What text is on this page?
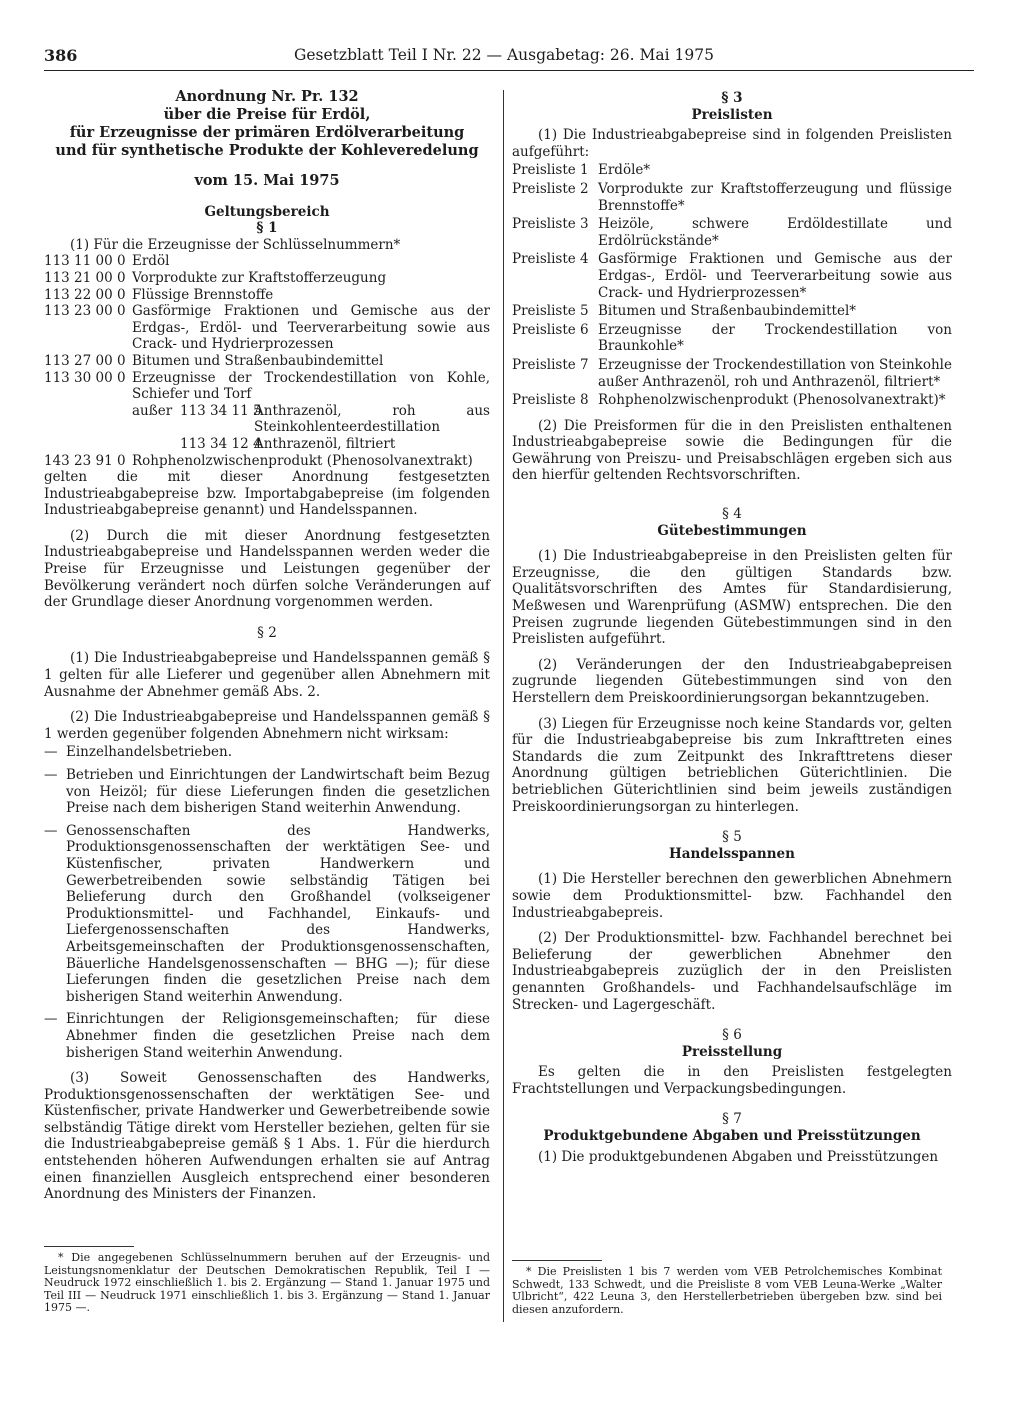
386	Gesetzblatt Teil I Nr. 22 — Ausgabetag: 26. Mai 1975
Anordnung Nr. Pr. 132
über die Preise für Erdöl,
für Erzeugnisse der primären Erdölverarbeitung
und für synthetische Produkte der Kohleveredelung
vom 15. Mai 1975
Geltungsbereich
§ 1

(1) Für die Erzeugnisse der Schlüsselnummern*

113 11 00 0 Erdöl
113 21 00 0 Vorprodukte zur Kraftstofferzeugung
113 22 00 0 Flüssige Brennstoffe
113 23 00 0 Gasförmige Fraktionen und Gemische aus der Erdgas-, Erdöl- und Teerverarbeitung sowie aus Crack- und Hydrierprozessen
113 27 00 0 Bitumen und Straßenbaubindemittel
113 30 00 0 Erzeugnisse der Trockendestillation von Kohle, Schiefer und Torf
außer 113 34 11 5
Anthrazenöl, roh aus Steinkohlenteerdestillation
113 34 12 4
Anthrazenöl, filtriert
143 23 91 0 Rohphenolzwischenprodukt (Phenosolvanextrakt)

gelten die mit dieser Anordnung festgesetzten Industrieabgabepreise bzw. Importabgabepreise (im folgenden Industrieabgabepreise genannt) und Handelsspannen.

(2) Durch die mit dieser Anordnung festgesetzten Industrieabgabepreise und Handelsspannen werden weder die Preise für Erzeugnisse und Leistungen gegenüber der Bevölkerung verändert noch dürfen solche Veränderungen auf der Grundlage dieser Anordnung vorgenommen werden.

§ 2

(1) Die Industrieabgabepreise und Handelsspannen gemäß § 1 gelten für alle Lieferer und gegenüber allen Abnehmern mit Ausnahme der Abnehmer gemäß Abs. 2.

(2) Die Industrieabgabepreise und Handelsspannen gemäß § 1 werden gegenüber folgenden Abnehmern nicht wirksam:

— Einzelhandelsbetrieben.
— Betrieben und Einrichtungen der Landwirtschaft beim Bezug von Heizöl; für diese Lieferungen finden die gesetzlichen Preise nach dem bisherigen Stand weiterhin Anwendung.
— Genossenschaften des Handwerks, Produktionsgenossenschaften der werktätigen See- und Küstenfischer, privaten Handwerkern und Gewerbetreibenden sowie selbständig Tätigen bei Belieferung durch den Großhandel (volkseigener Produktionsmittel- und Fachhandel, Einkaufs- und Liefergenossenschaften des Handwerks, Arbeitsgemeinschaften der Produktionsgenossenschaften, Bäuerliche Handelsgenossenschaften — BHG —); für diese Lieferungen finden die gesetzlichen Preise nach dem bisherigen Stand weiterhin Anwendung.
— Einrichtungen der Religionsgemeinschaften; für diese Abnehmer finden die gesetzlichen Preise nach dem bisherigen Stand weiterhin Anwendung.

(3) Soweit Genossenschaften des Handwerks, Produktionsgenossenschaften der werktätigen See- und Küstenfischer, private Handwerker und Gewerbetreibende sowie selbständig Tätige direkt vom Hersteller beziehen, gelten für sie die Industrieabgabepreise gemäß § 1 Abs. 1. Für die hierdurch entstehenden höheren Aufwendungen erhalten sie auf Antrag einen finanziellen Ausgleich entsprechend einer besonderen Anordnung des Ministers der Finanzen.

* Die angegebenen Schlüsselnummern beruhen auf der Erzeugnis- und Leistungsnomenklatur der Deutschen Demokratischen Republik, Teil I — Neudruck 1972 einschließlich 1. bis 2. Ergänzung — Stand 1. Januar 1975 und Teil III — Neudruck 1971 einschließlich 1. bis 3. Ergänzung — Stand 1. Januar 1975 —.

§ 3
Preislisten

(1) Die Industrieabgabepreise sind in folgenden Preislisten aufgeführt:

Preisliste 1 Erdöle*
Preisliste 2 Vorprodukte zur Kraftstofferzeugung und flüssige Brennstoffe*
Preisliste 3 Heizöle, schwere Erdöldestillate und Erdölrückstände*
Preisliste 4 Gasförmige Fraktionen und Gemische aus der Erdgas-, Erdöl- und Teerverarbeitung sowie aus Crack- und Hydrierprozessen*
Preisliste 5 Bitumen und Straßenbaubindemittel*
Preisliste 6 Erzeugnisse der Trockendestillation von Braunkohle*
Preisliste 7 Erzeugnisse der Trockendestillation von Steinkohle außer Anthrazenöl, roh und Anthrazenöl, filtriert*
Preisliste 8 Rohphenolzwischenprodukt (Phenosolvanextrakt)*

(2) Die Preisformen für die in den Preislisten enthaltenen Industrieabgabepreise sowie die Bedingungen für die Gewährung von Preiszu- und Preisabschlägen ergeben sich aus den hierfür geltenden Rechtsvorschriften.

§ 4
Gütebestimmungen

(1) Die Industrieabgabepreise in den Preislisten gelten für Erzeugnisse, die den gültigen Standards bzw. Qualitätsvorschriften des Amtes für Standardisierung, Meßwesen und Warenprüfung (ASMW) entsprechen. Die den Preisen zugrunde liegenden Gütebestimmungen sind in den Preislisten aufgeführt.

(2) Veränderungen der den Industrieabgabepreisen zugrunde liegenden Gütebestimmungen sind von den Herstellern dem Preiskoordinierungsorgan bekanntzugeben.

(3) Liegen für Erzeugnisse noch keine Standards vor, gelten für die Industrieabgabepreise bis zum Inkrafttreten eines Standards die zum Zeitpunkt des Inkrafttretens dieser Anordnung gültigen betrieblichen Güterichtlinien. Die betrieblichen Güterichtlinien sind beim jeweils zuständigen Preiskoordinierungsorgan zu hinterlegen.

§ 5
Handelsspannen

(1) Die Hersteller berechnen den gewerblichen Abnehmern sowie dem Produktionsmittel- bzw. Fachhandel den Industrieabgabepreis.

(2) Der Produktionsmittel- bzw. Fachhandel berechnet bei Belieferung der gewerblichen Abnehmer den Industrieabgabepreis zuzüglich der in den Preislisten genannten Großhandels- und Fachhandelsaufschläge im Strecken- und Lagergeschäft.

§ 6
Preisstellung

Es gelten die in den Preislisten festgelegten Frachtstellungen und Verpackungsbedingungen.

§ 7
Produktgebundene Abgaben und Preisstützungen

(1) Die produktgebundenen Abgaben und Preisstützungen

* Die Preislisten 1 bis 7 werden vom VEB Petrolchemisches Kombinat Schwedt, 133 Schwedt, und die Preisliste 8 vom VEB Leuna-Werke „Walter Ulbricht“, 422 Leuna 3, den Herstellerbetrieben übergeben bzw. sind bei diesen anzufordern.
